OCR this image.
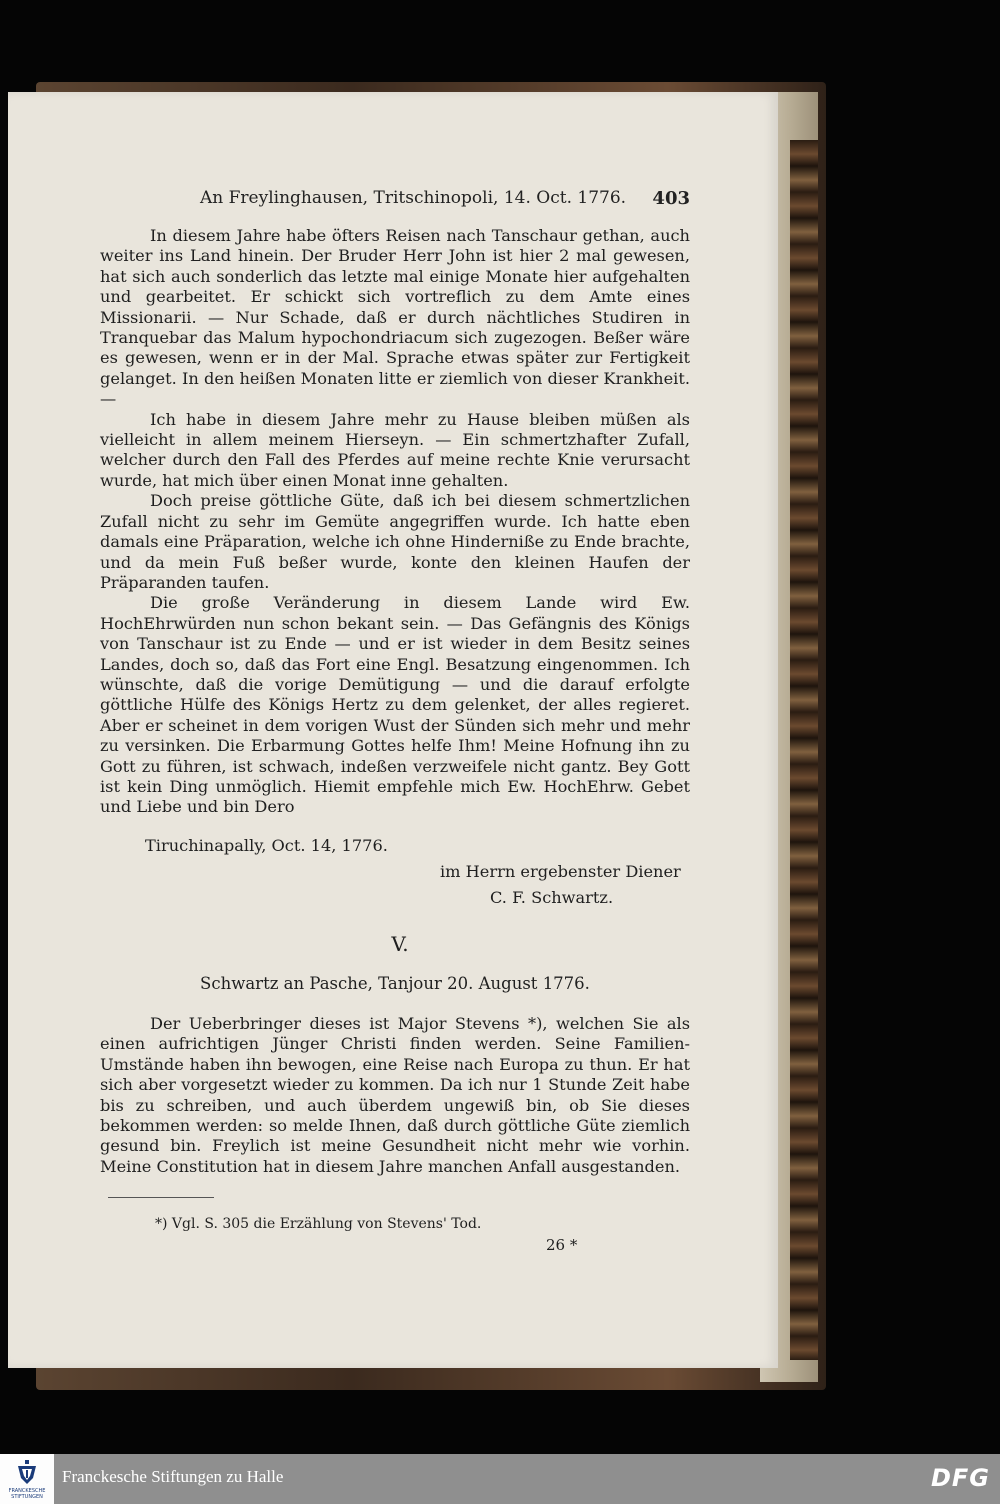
An Freylinghausen, Tritschinopoli, 14. Oct. 1776. 403

In diesem Jahre habe öfters Reisen nach Tanschaur gethan, auch weiter ins Land hinein. Der Bruder Herr John ist hier 2 mal gewesen, hat sich auch sonderlich das letzte mal einige Monate hier aufgehalten und gearbeitet. Er schickt sich vortreflich zu dem Amte eines Missionarii. — Nur Schade, daß er durch nächtliches Studiren in Tranquebar das Malum hypochondriacum sich zugezogen. Beßer wäre es gewesen, wenn er in der Mal. Sprache etwas später zur Fertigkeit gelanget. In den heißen Monaten litte er ziemlich von dieser Krankheit. —

Ich habe in diesem Jahre mehr zu Hause bleiben müßen als vielleicht in allem meinem Hierseyn. — Ein schmertzhafter Zufall, welcher durch den Fall des Pferdes auf meine rechte Knie verursacht wurde, hat mich über einen Monat inne gehalten.

Doch preise göttliche Güte, daß ich bei diesem schmertzlichen Zufall nicht zu sehr im Gemüte angegriffen wurde. Ich hatte eben damals eine Präparation, welche ich ohne Hindernißе zu Ende brachte, und da mein Fuß beßer wurde, konte den kleinen Haufen der Präparanden taufen.

Die große Veränderung in diesem Lande wird Ew. HochEhrwürden nun schon bekant sein. — Das Gefängnis des Königs von Tanschaur ist zu Ende — und er ist wieder in dem Besitz seines Landes, doch so, daß das Fort eine Engl. Besatzung eingenommen. Ich wünschte, daß die vorige Demütigung — und die darauf erfolgte göttliche Hülfe des Königs Hertz zu dem gelenket, der alles regieret. Aber er scheinet in dem vorigen Wust der Sünden sich mehr und mehr zu versinken. Die Erbarmung Gottes helfe Ihm! Meine Hofnung ihn zu Gott zu führen, ist schwach, indeßen verzweifele nicht gantz. Bey Gott ist kein Ding unmöglich. Hiemit empfehle mich Ew. HochEhrw. Gebet und Liebe und bin Dero

Tiruchinapally, Oct. 14, 1776.
im Herrn ergebenster Diener
C. F. Schwartz.
V.
Schwartz an Pasche, Tanjour 20. August 1776.

Der Ueberbringer dieses ist Major Stevens *), welchen Sie als einen aufrichtigen Jünger Christi finden werden. Seine Familien-Umstände haben ihn bewogen, eine Reise nach Europa zu thun. Er hat sich aber vorgesetzt wieder zu kommen. Da ich nur 1 Stunde Zeit habe bis zu schreiben, und auch überdem ungewiß bin, ob Sie dieses bekommen werden: so melde Ihnen, daß durch göttliche Güte ziemlich gesund bin. Freylich ist meine Gesundheit nicht mehr wie vorhin. Meine Constitution hat in diesem Jahre manchen Anfall ausgestanden.

*) Vgl. S. 305 die Erzählung von Stevens' Tod.
26 *
FRANCKESCHE STIFTUNGEN
Franckesche Stiftungen zu Halle	DFG
